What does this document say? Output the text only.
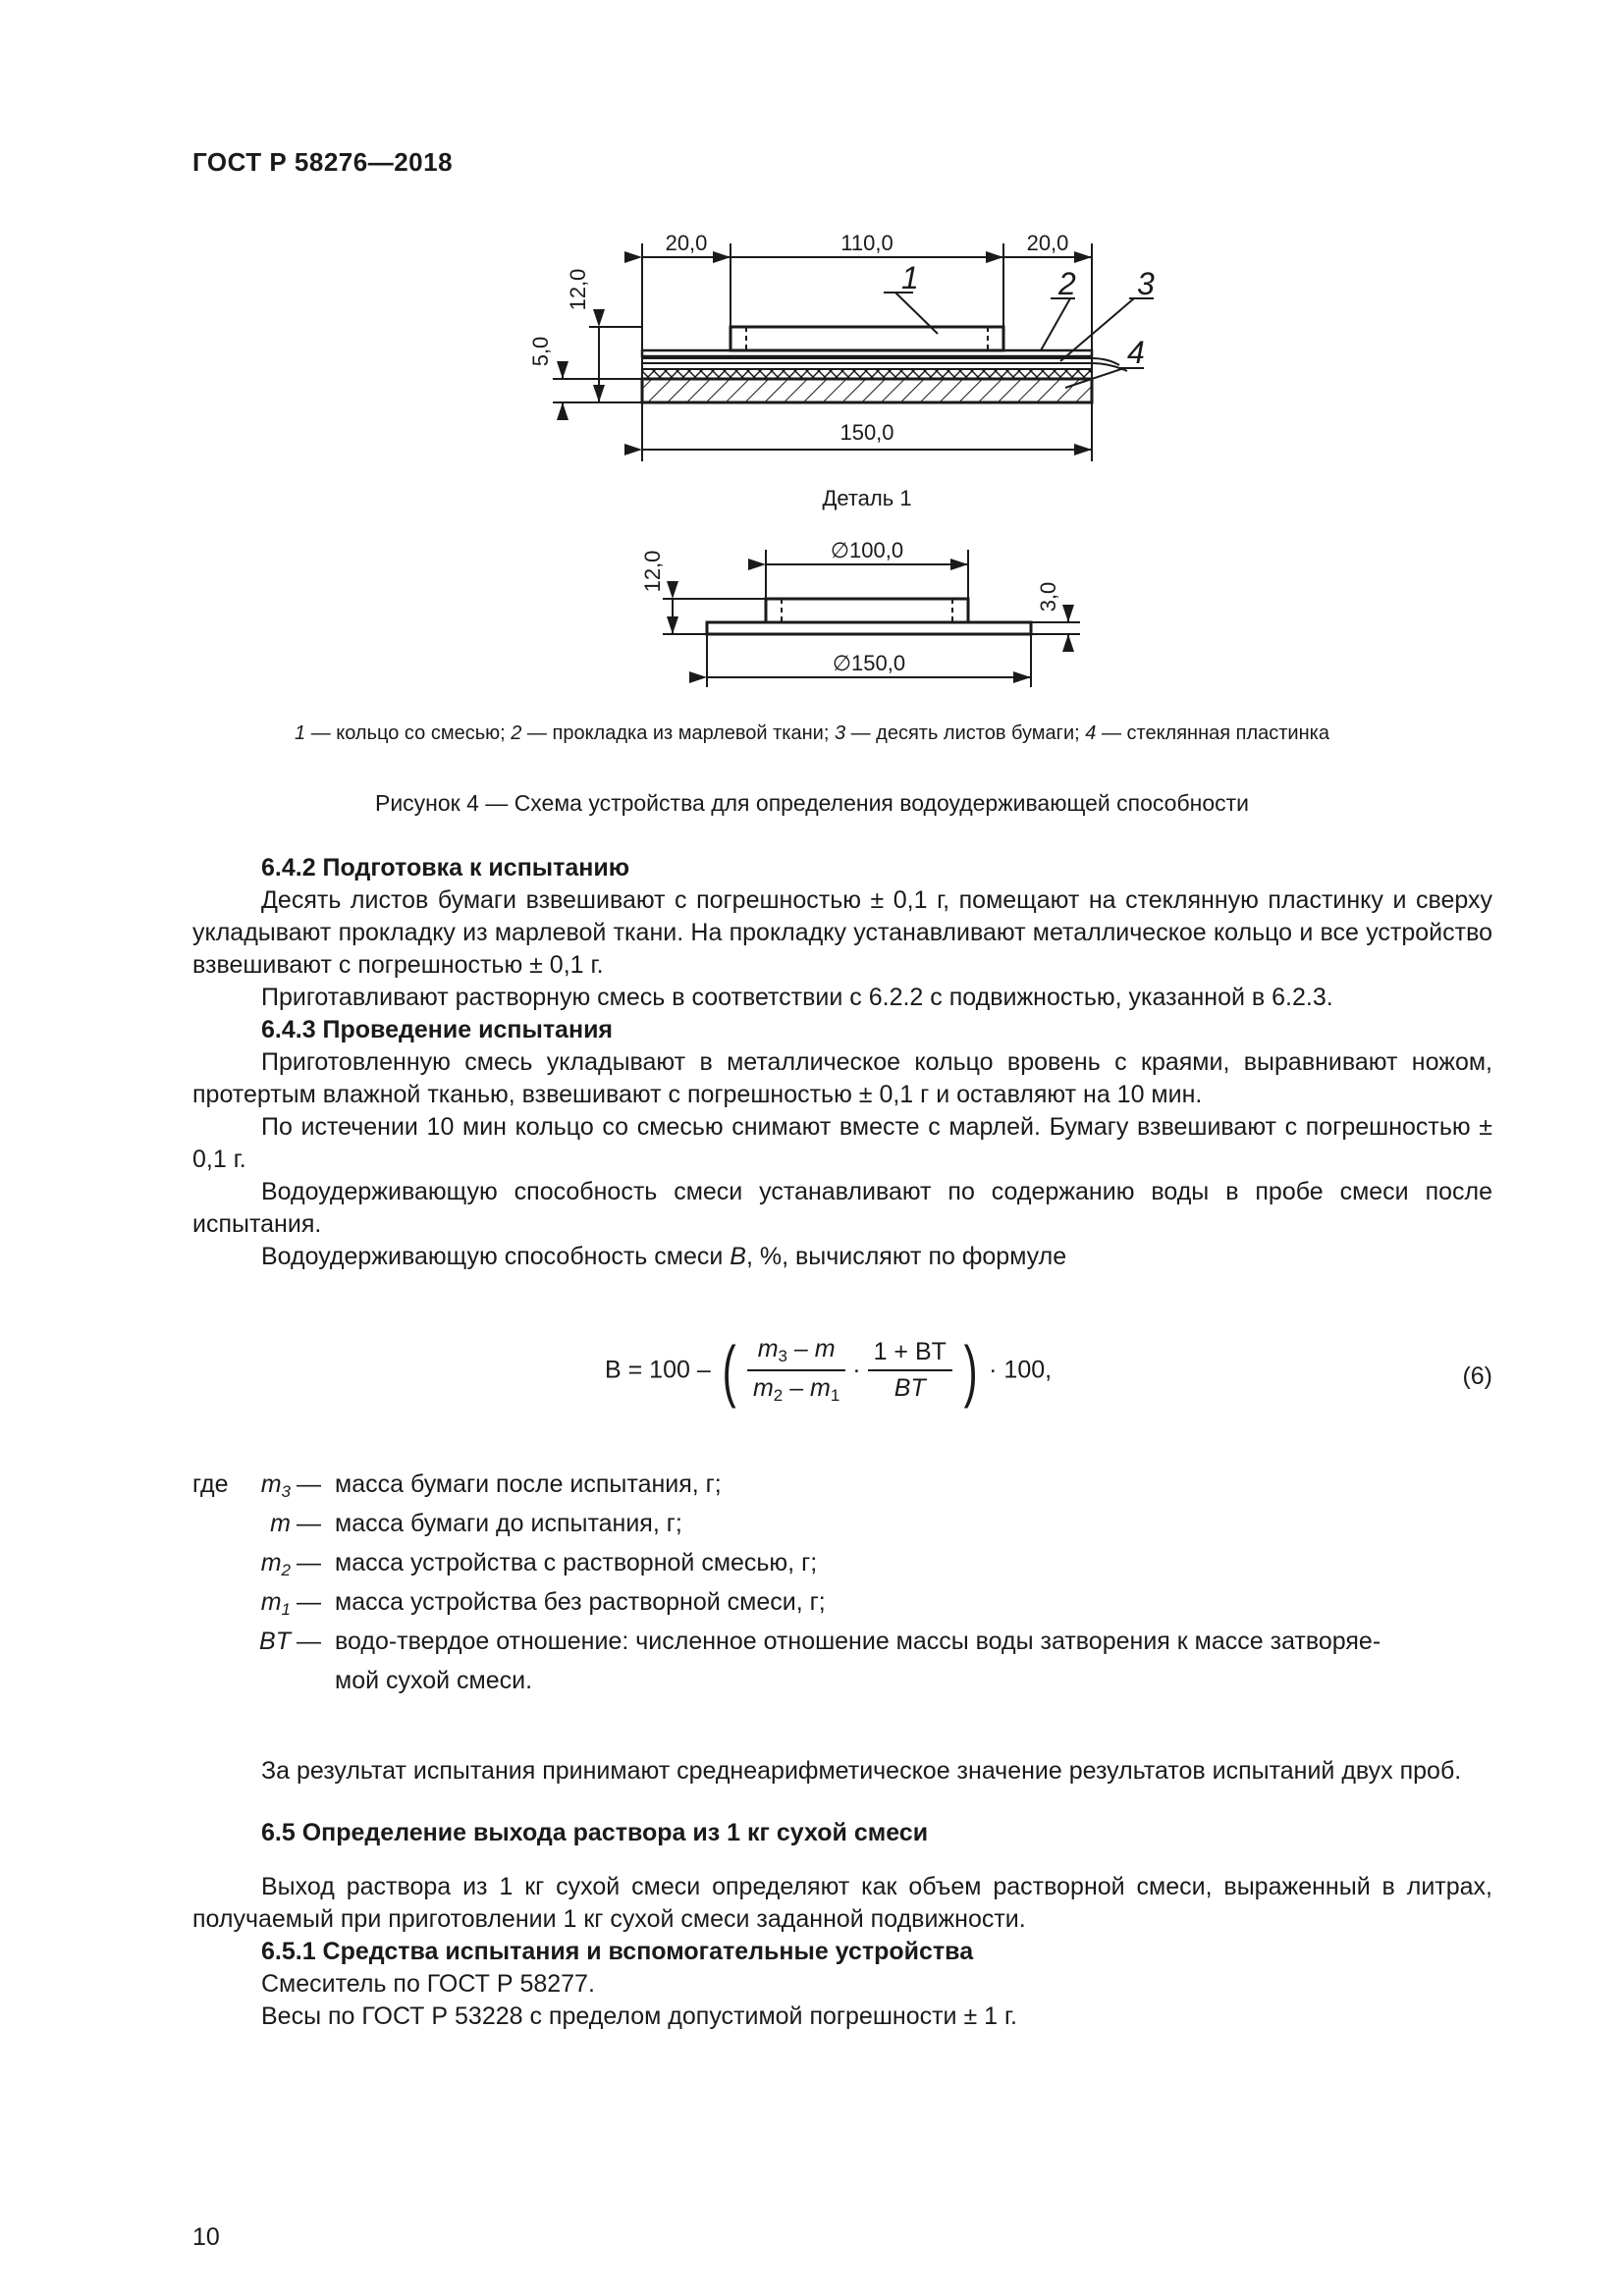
ГОСТ Р 58276—2018
20,0	110,0	20,0
150,0
12,0
5,0
1	2 3
4
Деталь 1
∅100,0
∅150,0
12,0
3,0
1 — кольцо со смесью; 2 — прокладка из марлевой ткани; 3 — десять листов бумаги; 4 — стеклянная пластинка
Рисунок 4 — Схема устройства для определения водоудерживающей способности

6.4.2 Подготовка к испытанию

Десять листов бумаги взвешивают с погрешностью ± 0,1 г, помещают на стеклянную пластинку и сверху укладывают прокладку из марлевой ткани. На прокладку устанавливают металлическое кольцо и все устройство взвешивают с погрешностью ± 0,1 г.

Приготавливают растворную смесь в соответствии с 6.2.2 с подвижностью, указанной в 6.2.3.

6.4.3 Проведение испытания

Приготовленную смесь укладывают в металлическое кольцо вровень с краями, выравнивают ножом, протертым влажной тканью, взвешивают с погрешностью ± 0,1 г и оставляют на 10 мин.

По истечении 10 мин кольцо со смесью снимают вместе с марлей. Бумагу взвешивают с погрешностью ± 0,1 г.

Водоудерживающую способность смеси устанавливают по содержанию воды в пробе смеси после испытания.

Водоудерживающую способность смеси B, %, вычисляют по формуле

B = 100 – ( $\frac{m_3 - m}{m_2 - m_1} \cdot \frac{1 + BT}{BT}$ ) · 100,	(6)
где	$m_3$ — масса бумаги после испытания, г;
m — масса бумаги до испытания, г;
$m_2$ — масса устройства с растворной смесью, г;
$m_1$ — масса устройства без растворной смеси, г;
BT — водо-твердое отношение: численное отношение массы воды затворения к массе затворяе-
мой сухой смеси.

За результат испытания принимают среднеарифметическое значение результатов испытаний двух проб.

6.5 Определение выхода раствора из 1 кг сухой смеси

Выход раствора из 1 кг сухой смеси определяют как объем растворной смеси, выраженный в литрах, получаемый при приготовлении 1 кг сухой смеси заданной подвижности.

6.5.1 Средства испытания и вспомогательные устройства

Смеситель по ГОСТ Р 58277.

Весы по ГОСТ Р 53228 с пределом допустимой погрешности ± 1 г.

10
